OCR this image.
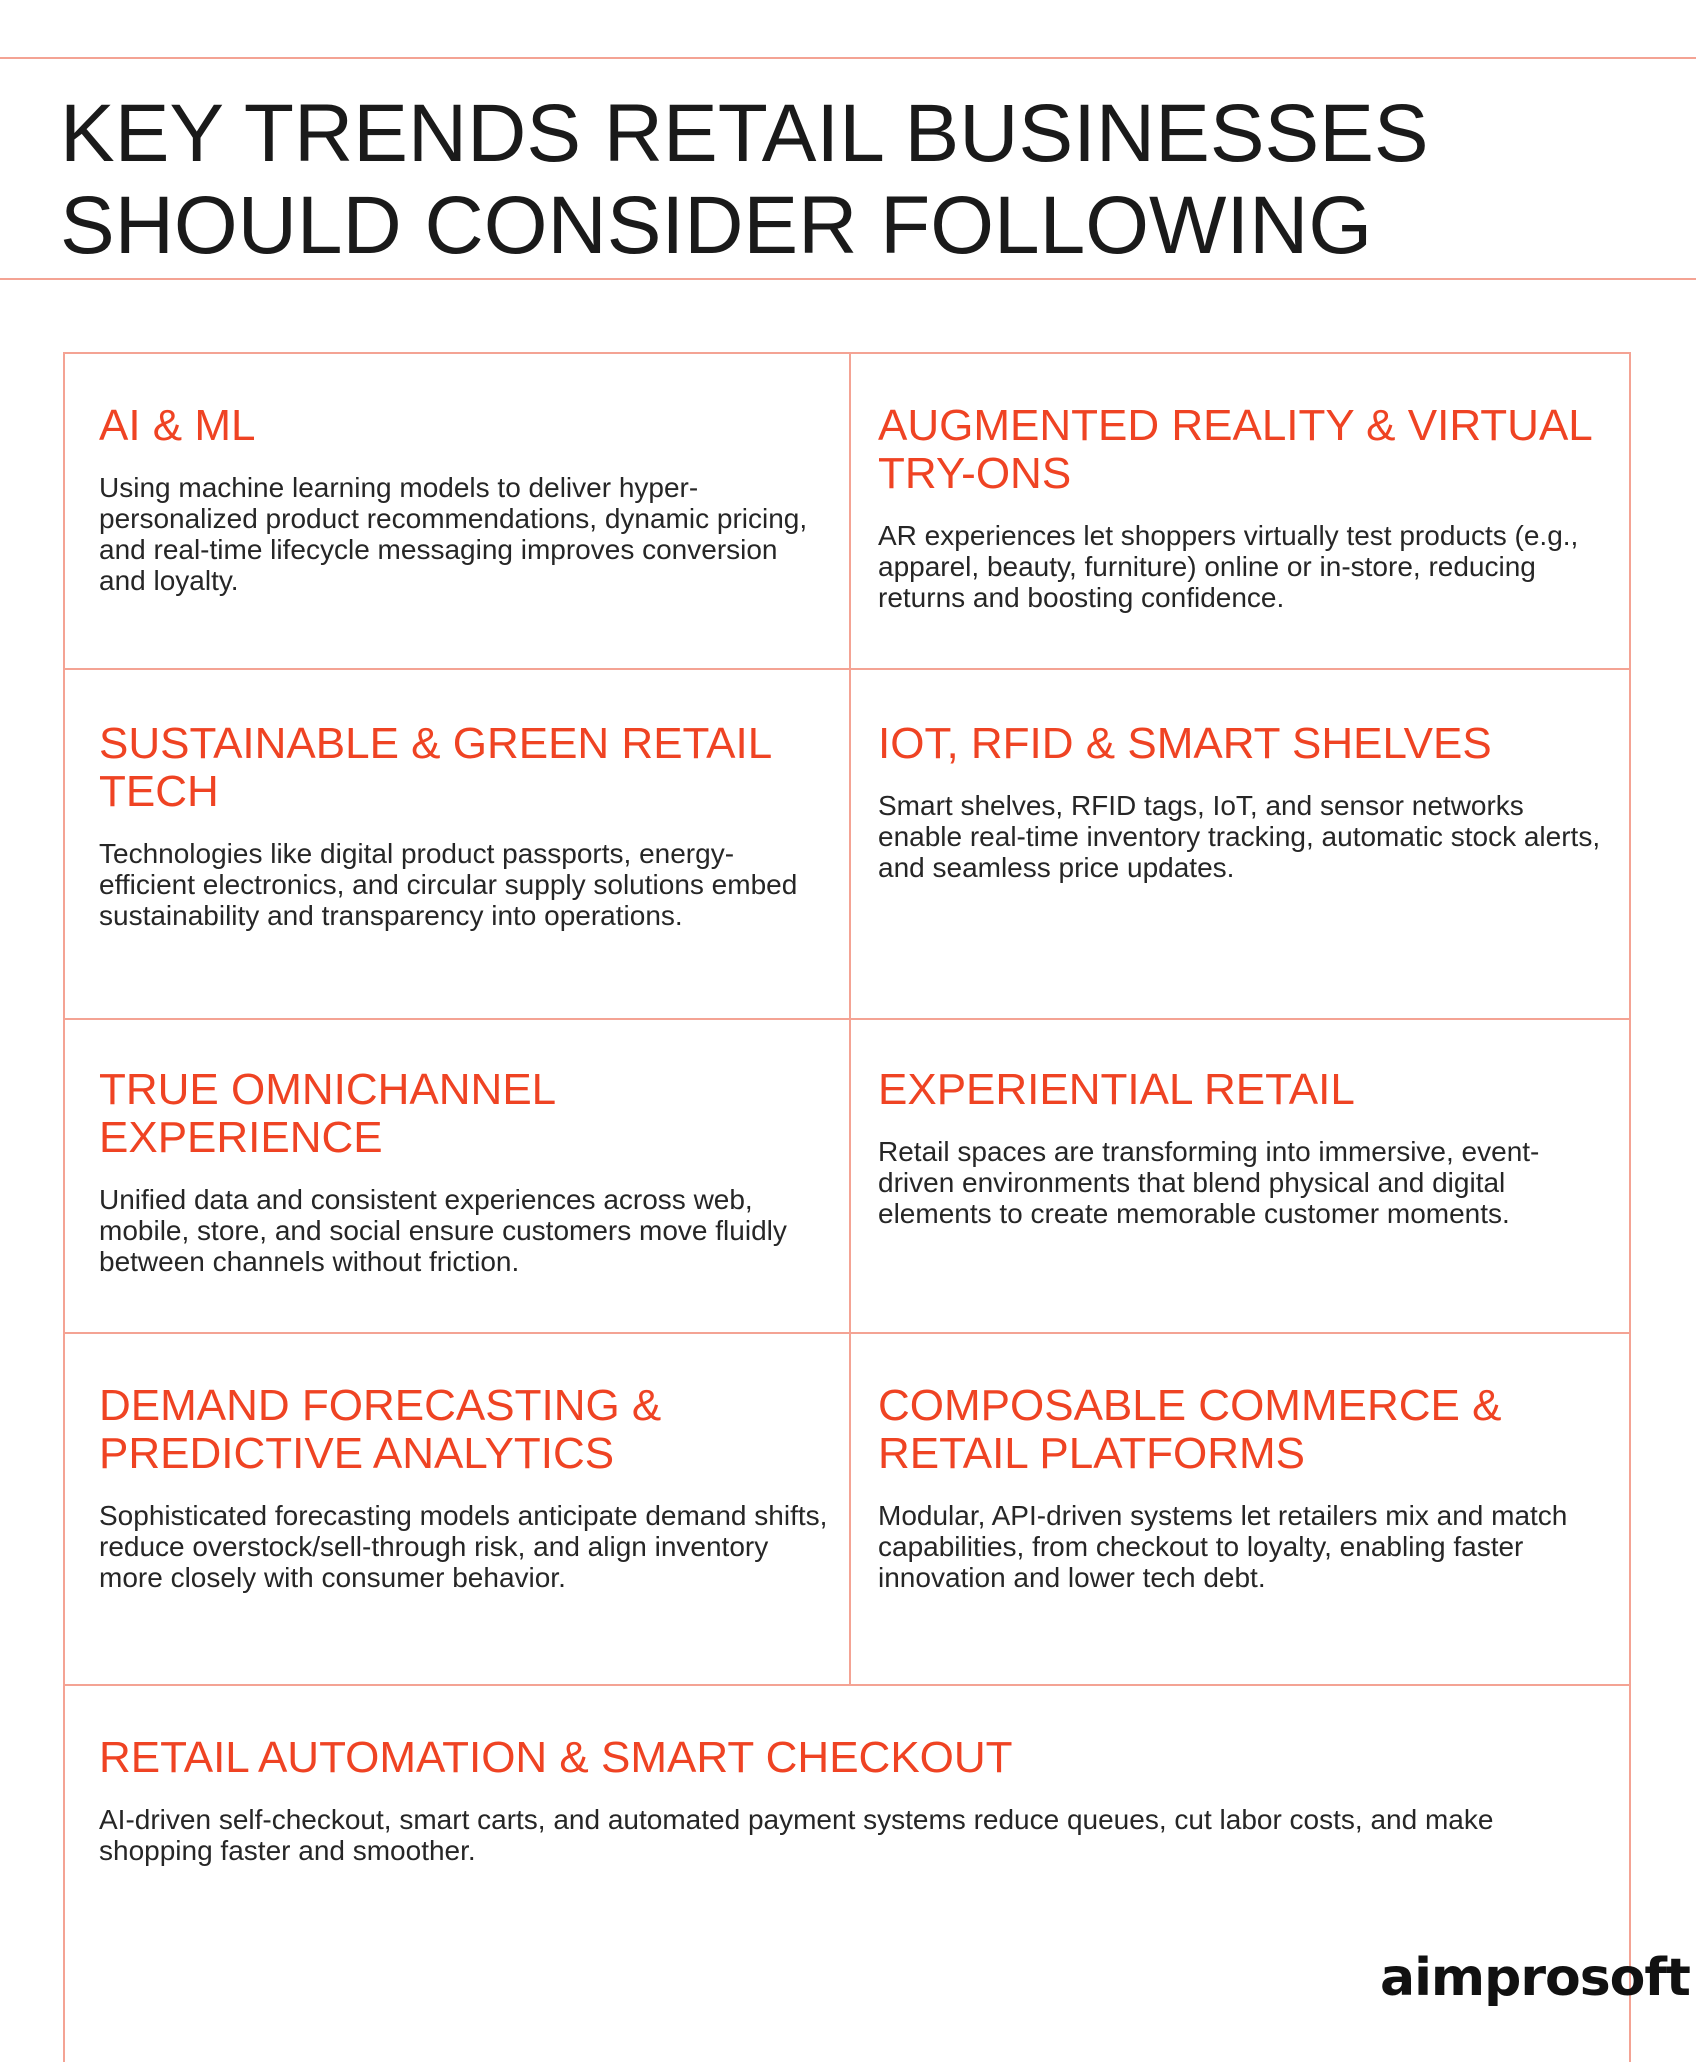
KEY TRENDS RETAIL BUSINESSES
SHOULD CONSIDER FOLLOWING
AI & ML

Using machine learning models to deliver hyper-personalized product recommendations, dynamic pricing, and real-time lifecycle messaging improves conversion and loyalty.

AUGMENTED REALITY & VIRTUAL TRY-ONS

AR experiences let shoppers virtually test products (e.g., apparel, beauty, furniture) online or in-store, reducing returns and boosting confidence.

SUSTAINABLE & GREEN RETAIL TECH

Technologies like digital product passports, energy-efficient electronics, and circular supply solutions embed sustainability and transparency into operations.

IOT, RFID & SMART SHELVES

Smart shelves, RFID tags, IoT, and sensor networks enable real-time inventory tracking, automatic stock alerts, and seamless price updates.

TRUE OMNICHANNEL EXPERIENCE

Unified data and consistent experiences across web, mobile, store, and social ensure customers move fluidly between channels without friction.

EXPERIENTIAL RETAIL

Retail spaces are transforming into immersive, event-driven environments that blend physical and digital elements to create memorable customer moments.

DEMAND FORECASTING & PREDICTIVE ANALYTICS

Sophisticated forecasting models anticipate demand shifts, reduce overstock/sell-through risk, and align inventory more closely with consumer behavior.

COMPOSABLE COMMERCE & RETAIL PLATFORMS

Modular, API-driven systems let retailers mix and match capabilities, from checkout to loyalty, enabling faster innovation and lower tech debt.

RETAIL AUTOMATION & SMART CHECKOUT

AI-driven self-checkout, smart carts, and automated payment systems reduce queues, cut labor costs, and make shopping faster and smoother.

aimprosoft
